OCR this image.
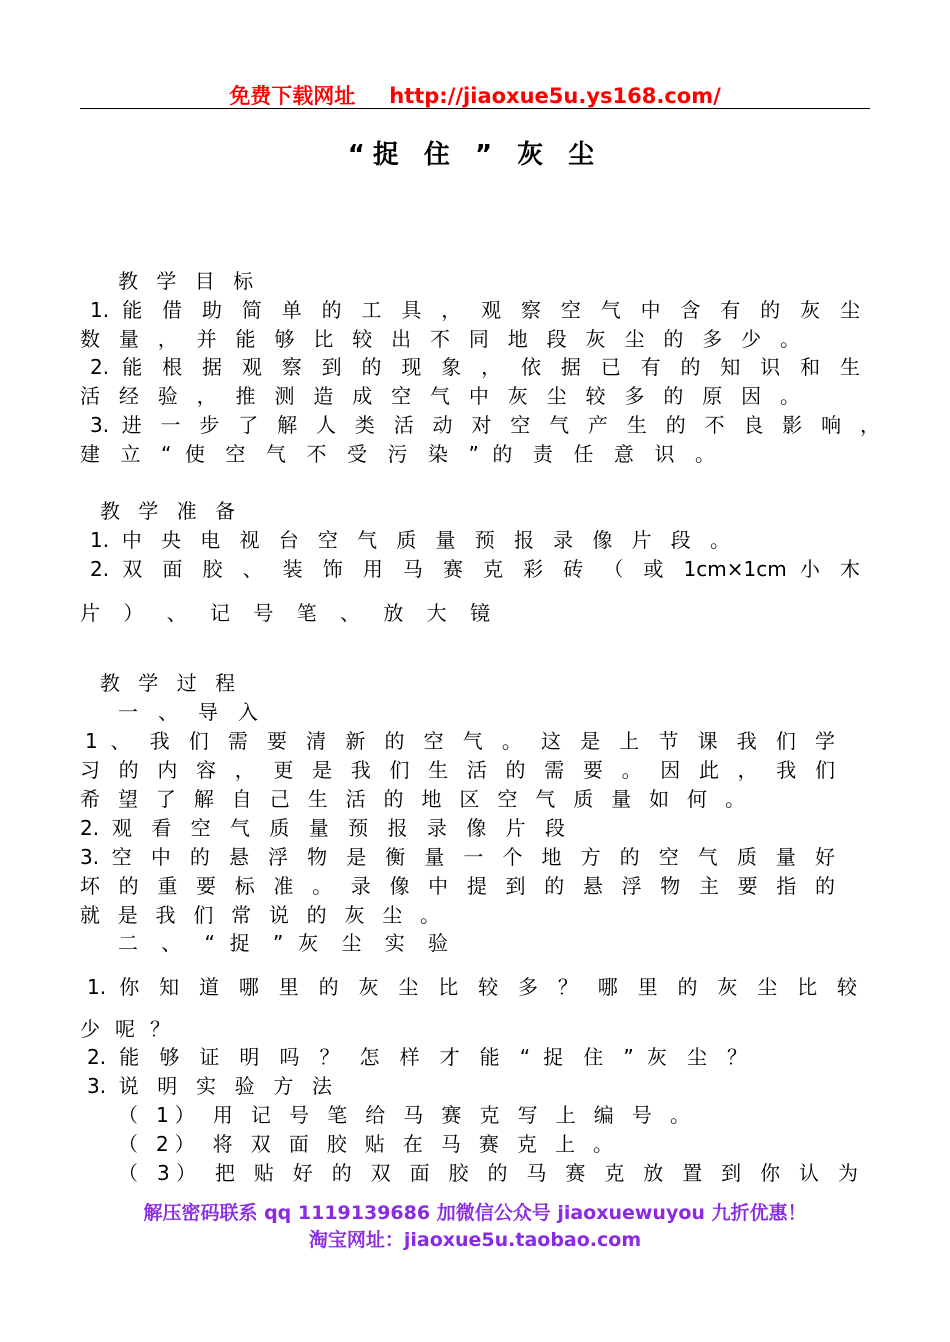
免费下载网址 http://jiaoxue5u.ys168.com/
“捉 住 ” 灰 尘
教 学 目 标
1. 能 借 助 简 单 的 工 具 ， 观 察 空 气 中 含 有 的 灰 尘
数 量 ， 并 能 够 比 较 出 不 同 地 段 灰 尘 的 多 少 。
2. 能 根 据 观 察 到 的 现 象 ， 依 据 已 有 的 知 识 和 生
活 经 验 ， 推 测 造 成 空 气 中 灰 尘 较 多 的 原 因 。
3. 进 一 步 了 解 人 类 活 动 对 空 气 产 生 的 不 良 影 响 ，
建 立 “ 使 空 气 不 受 污 染 ” 的 责 任 意 识 。
教 学 准 备
1. 中 央 电 视 台 空 气 质 量 预 报 录 像 片 段 。
2. 双 面 胶 、 装 饰 用 马 赛 克 彩 砖 （ 或 1cm×1cm 小 木
片 ） 、 记 号 笔 、 放 大 镜
教 学 过 程
一 、 导 入
1 、 我 们 需 要 清 新 的 空 气 。 这 是 上 节 课 我 们 学
习 的 内 容 ， 更 是 我 们 生 活 的 需 要 。 因 此 ， 我 们
希 望 了 解 自 己 生 活 的 地 区 空 气 质 量 如 何 。
2. 观 看 空 气 质 量 预 报 录 像 片 段
3. 空 中 的 悬 浮 物 是 衡 量 一 个 地 方 的 空 气 质 量 好
坏 的 重 要 标 准 。 录 像 中 提 到 的 悬 浮 物 主 要 指 的
就 是 我 们 常 说 的 灰 尘 。
二 、 “ 捉 ” 灰 尘 实 验
1. 你 知 道 哪 里 的 灰 尘 比 较 多 ？ 哪 里 的 灰 尘 比 较
少 呢 ？
2. 能 够 证 明 吗 ？ 怎 样 才 能 “ 捉 住 ” 灰 尘 ？
3. 说 明 实 验 方 法
（ 1） 用 记 号 笔 给 马 赛 克 写 上 编 号 。
（ 2） 将 双 面 胶 贴 在 马 赛 克 上 。
（ 3） 把 贴 好 的 双 面 胶 的 马 赛 克 放 置 到 你 认 为
解压密码联系 qq 1119139686 加微信公众号 jiaoxuewuyou 九折优惠！
淘宝网址：jiaoxue5u.taobao.com
